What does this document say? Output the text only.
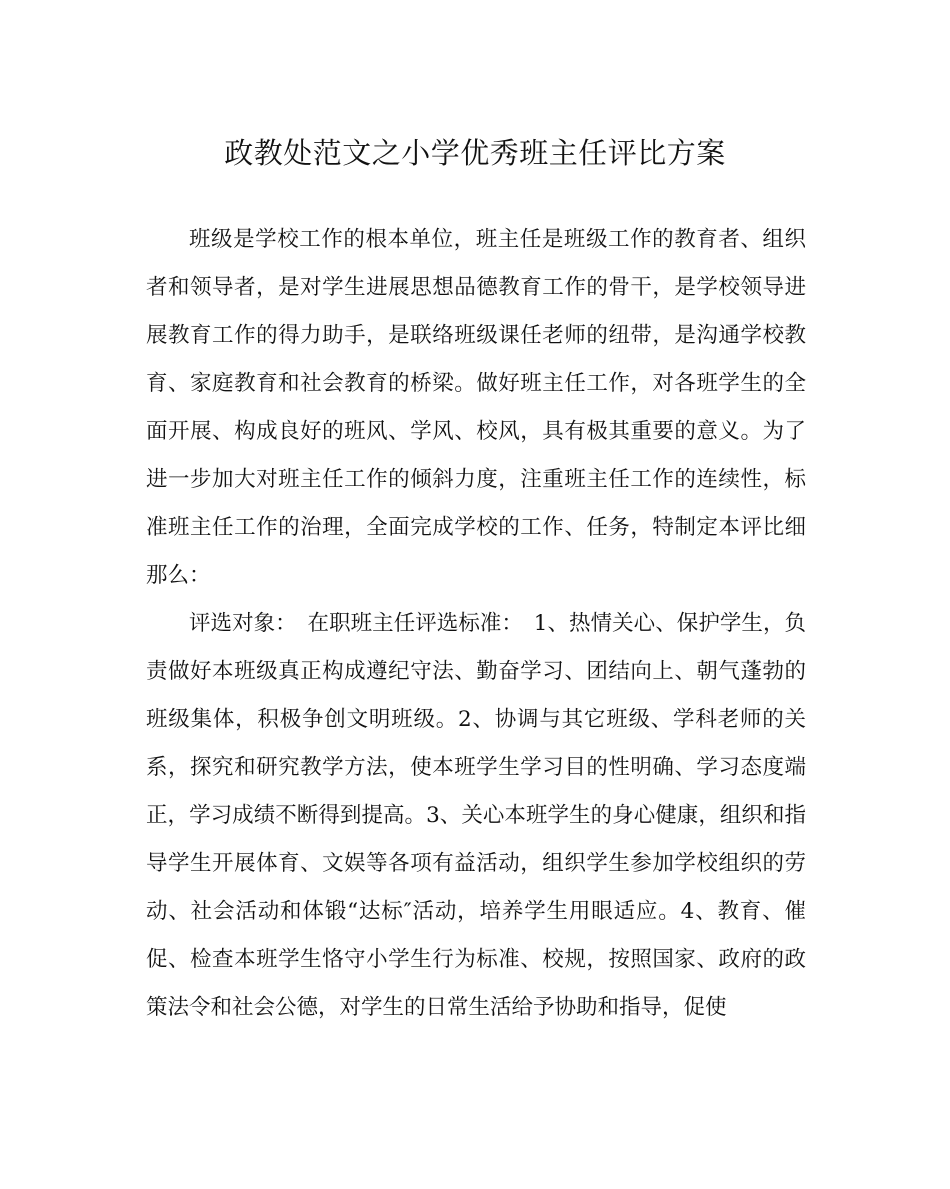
政教处范文之小学优秀班主任评比方案

班级是学校工作的根本单位，班主任是班级工作的教育者、组织者和领导者，是对学生进展思想品德教育工作的骨干，是学校领导进展教育工作的得力助手，是联络班级课任老师的纽带，是沟通学校教育、家庭教育和社会教育的桥梁。做好班主任工作，对各班学生的全面开展、构成良好的班风、学风、校风，具有极其重要的意义。为了进一步加大对班主任工作的倾斜力度，注重班主任工作的连续性，标准班主任工作的治理，全面完成学校的工作、任务，特制定本评比细那么：

评选对象：　在职班主任评选标准：　1、热情关心、保护学生，负责做好本班级真正构成遵纪守法、勤奋学习、团结向上、朝气蓬勃的班级集体，积极争创文明班级。2、协调与其它班级、学科老师的关系，探究和研究教学方法，使本班学生学习目的性明确、学习态度端正，学习成绩不断得到提高。3、关心本班学生的身心健康，组织和指导学生开展体育、文娱等各项有益活动，组织学生参加学校组织的劳动、社会活动和体锻“达标″活动，培养学生用眼适应。4、教育、催促、检查本班学生恪守小学生行为标准、校规，按照国家、政府的政策法令和社会公德，对学生的日常生活给予协助和指导，促使
